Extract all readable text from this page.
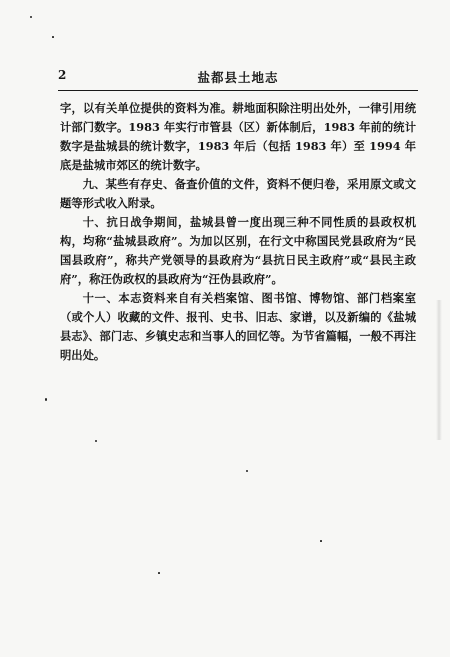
2	盐都县土地志

字，以有关单位提供的资料为准。耕地面积除注明出处外，一律引用统计部门数字。1983 年实行市管县（区）新体制后，1983 年前的统计数字是盐城县的统计数字，1983 年后（包括 1983 年）至 1994 年底是盐城市郊区的统计数字。

九、某些有存史、备查价值的文件，资料不便归卷，采用原文或文题等形式收入附录。

十、抗日战争期间，盐城县曾一度出现三种不同性质的县政权机构，均称“盐城县政府”。为加以区别，在行文中称国民党县政府为“民国县政府”，称共产党领导的县政府为“县抗日民主政府”或“县民主政府”，称汪伪政权的县政府为“汪伪县政府”。

十一、本志资料来自有关档案馆、图书馆、博物馆、部门档案室（或个人）收藏的文件、报刊、史书、旧志、家谱，以及新编的《盐城县志》、部门志、乡镇史志和当事人的回忆等。为节省篇幅，一般不再注明出处。
